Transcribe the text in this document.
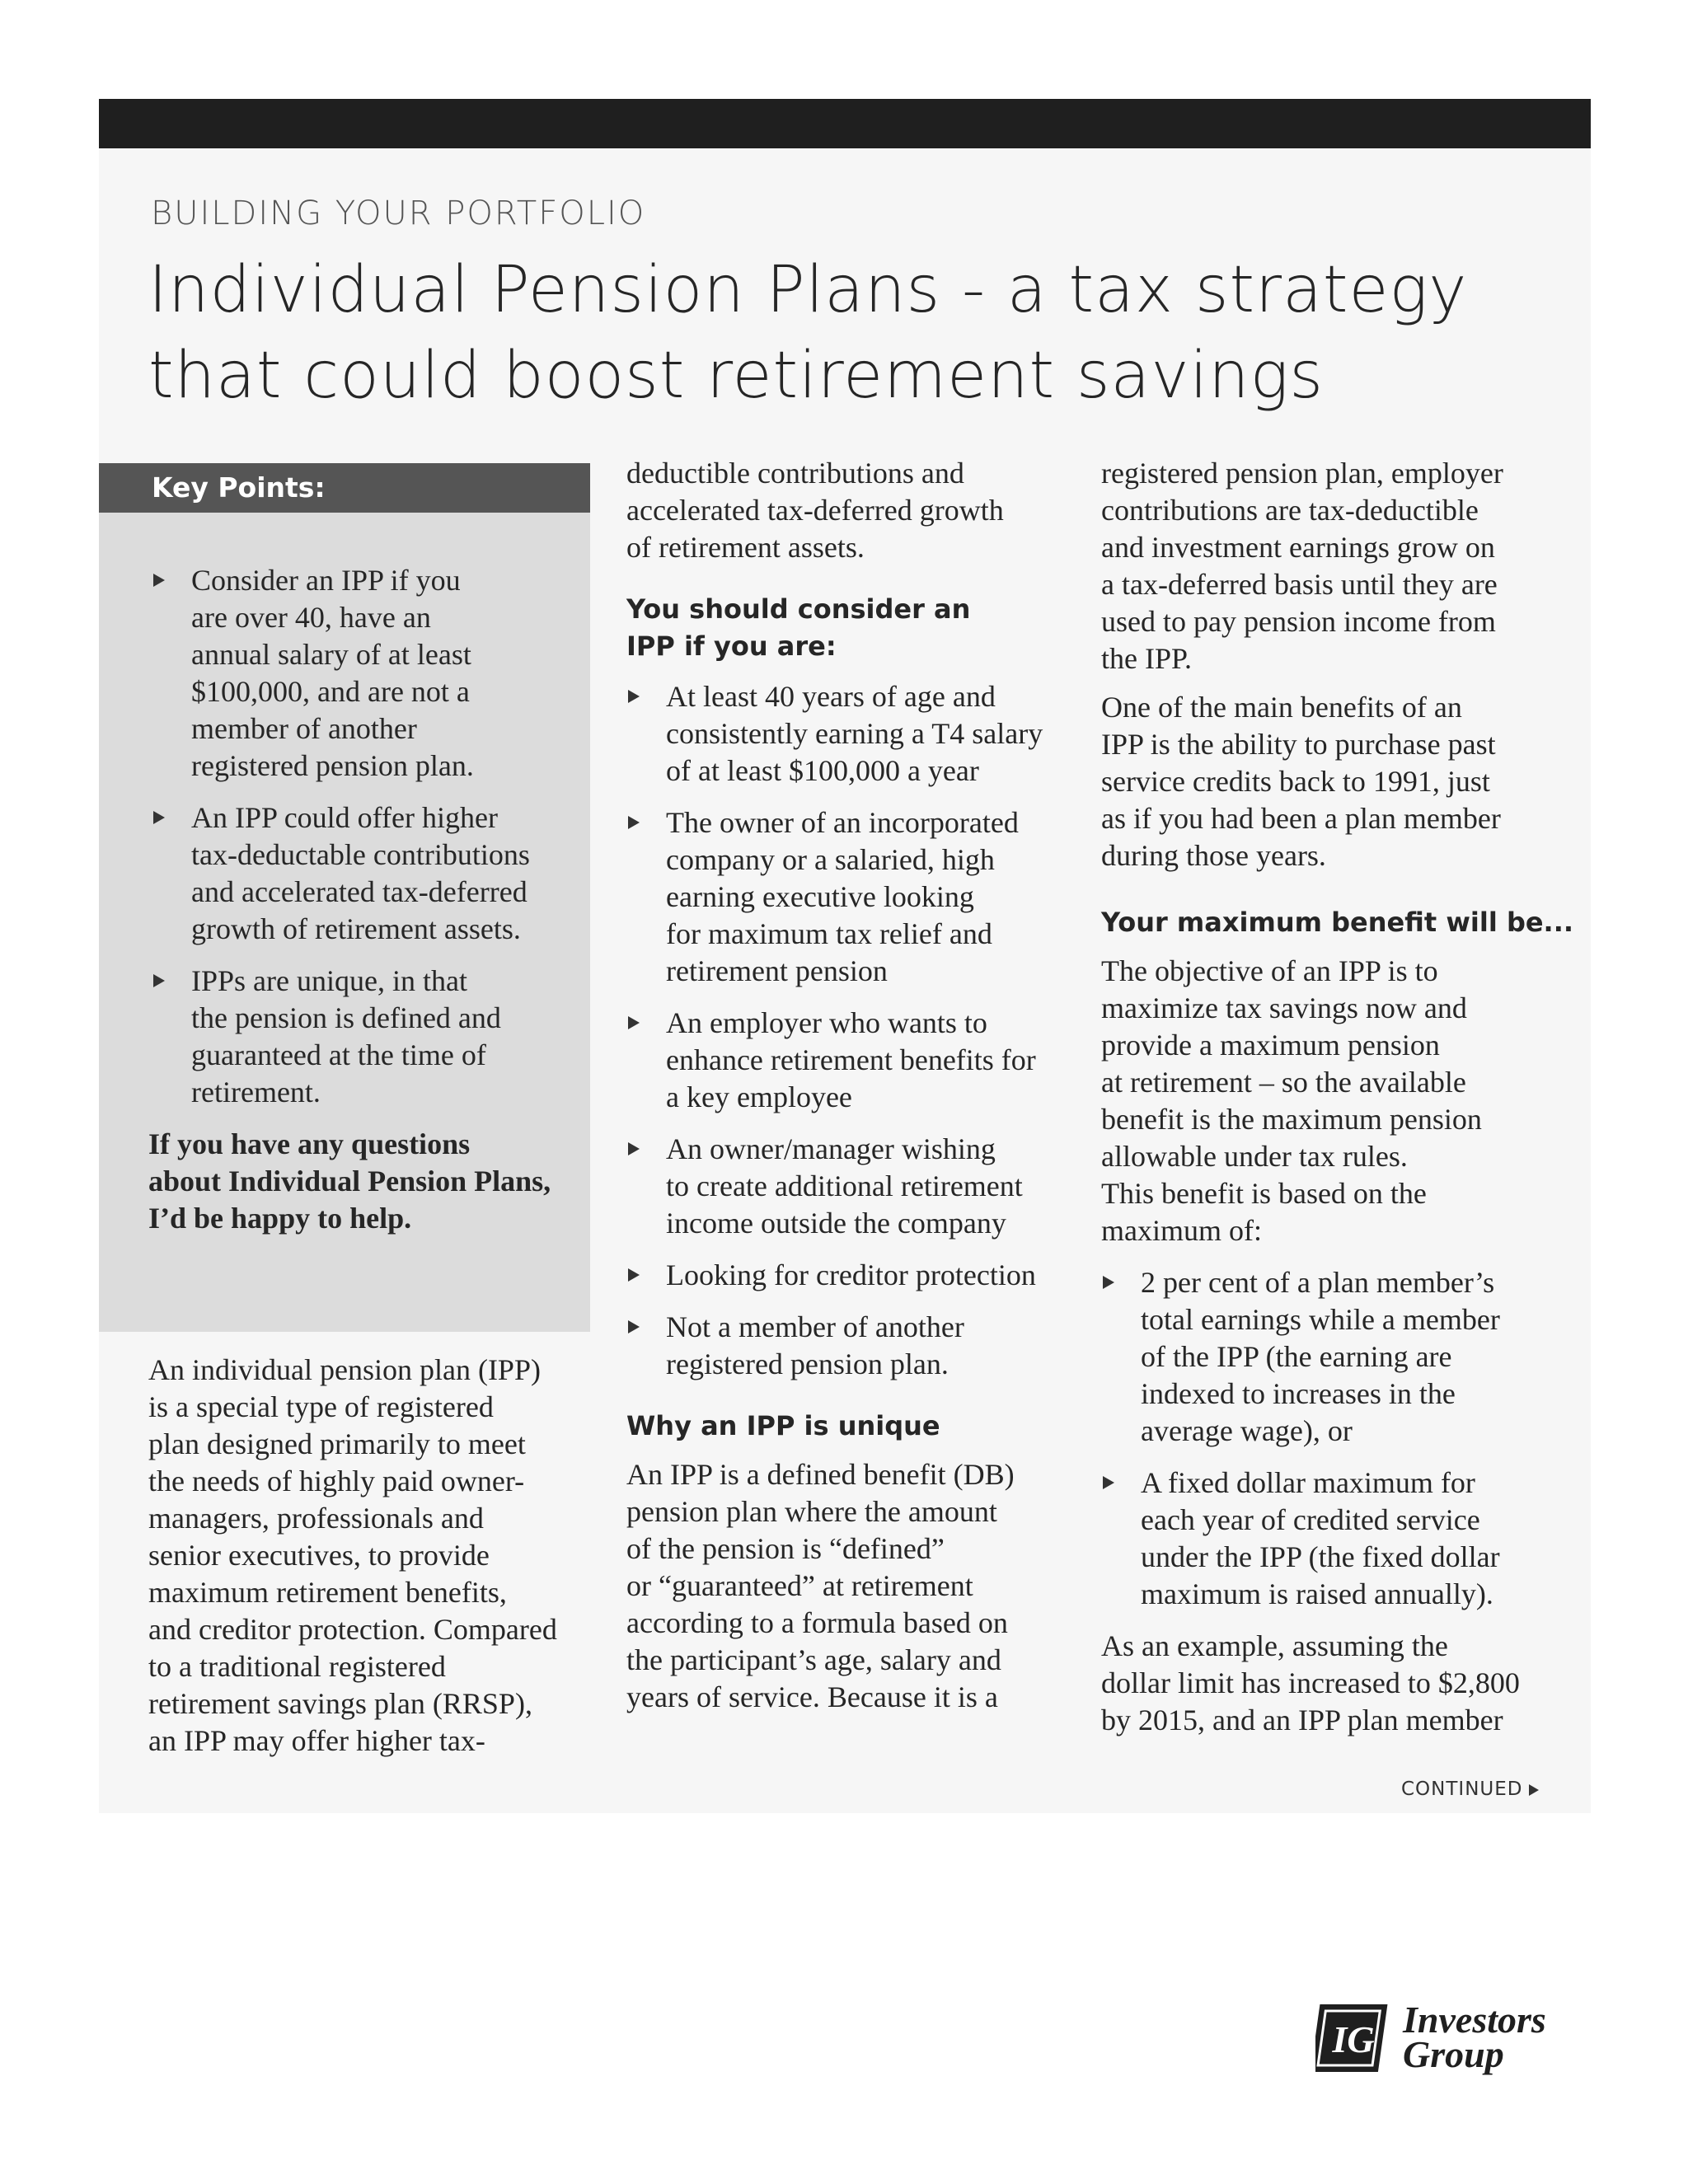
BUILDING YOUR PORTFOLIO
Individual Pension Plans - a tax strategy
that could boost retirement savings
Key Points:

Consider an IPP if you
are over 40, have an
annual salary of at least
$100,000, and are not a
member of another
registered pension plan.

An IPP could offer higher
tax-deductable contributions
and accelerated tax-deferred
growth of retirement assets.

IPPs are unique, in that
the pension is defined and
guaranteed at the time of
retirement.

If you have any questions
about Individual Pension Plans,
I’d be happy to help.

An individual pension plan (IPP)
is a special type of registered
plan designed primarily to meet
the needs of highly paid owner-
managers, professionals and
senior executives, to provide
maximum retirement benefits,
and creditor protection. Compared
to a traditional registered
retirement savings plan (RRSP),
an IPP may offer higher tax-

deductible contributions and
accelerated tax-deferred growth
of retirement assets.

You should consider an
IPP if you are:

At least 40 years of age and
consistently earning a T4 salary
of at least $100,000 a year

The owner of an incorporated
company or a salaried, high
earning executive looking
for maximum tax relief and
retirement pension

An employer who wants to
enhance retirement benefits for
a key employee

An owner/manager wishing
to create additional retirement
income outside the company

Looking for creditor protection

Not a member of another
registered pension plan.

Why an IPP is unique

An IPP is a defined benefit (DB)
pension plan where the amount
of the pension is “defined”
or “guaranteed” at retirement
according to a formula based on
the participant’s age, salary and
years of service. Because it is a

registered pension plan, employer
contributions are tax-deductible
and investment earnings grow on
a tax-deferred basis until they are
used to pay pension income from
the IPP.

One of the main benefits of an
IPP is the ability to purchase past
service credits back to 1991, just
as if you had been a plan member
during those years.

Your maximum benefit will be...

The objective of an IPP is to
maximize tax savings now and
provide a maximum pension
at retirement – so the available
benefit is the maximum pension
allowable under tax rules.
This benefit is based on the
maximum of:

2 per cent of a plan member’s
total earnings while a member
of the IPP (the earning are
indexed to increases in the
average wage), or

A fixed dollar maximum for
each year of credited service
under the IPP (the fixed dollar
maximum is raised annually).

As an example, assuming the
dollar limit has increased to $2,800
by 2015, and an IPP plan member

CONTINUED
IG Investors
Group
